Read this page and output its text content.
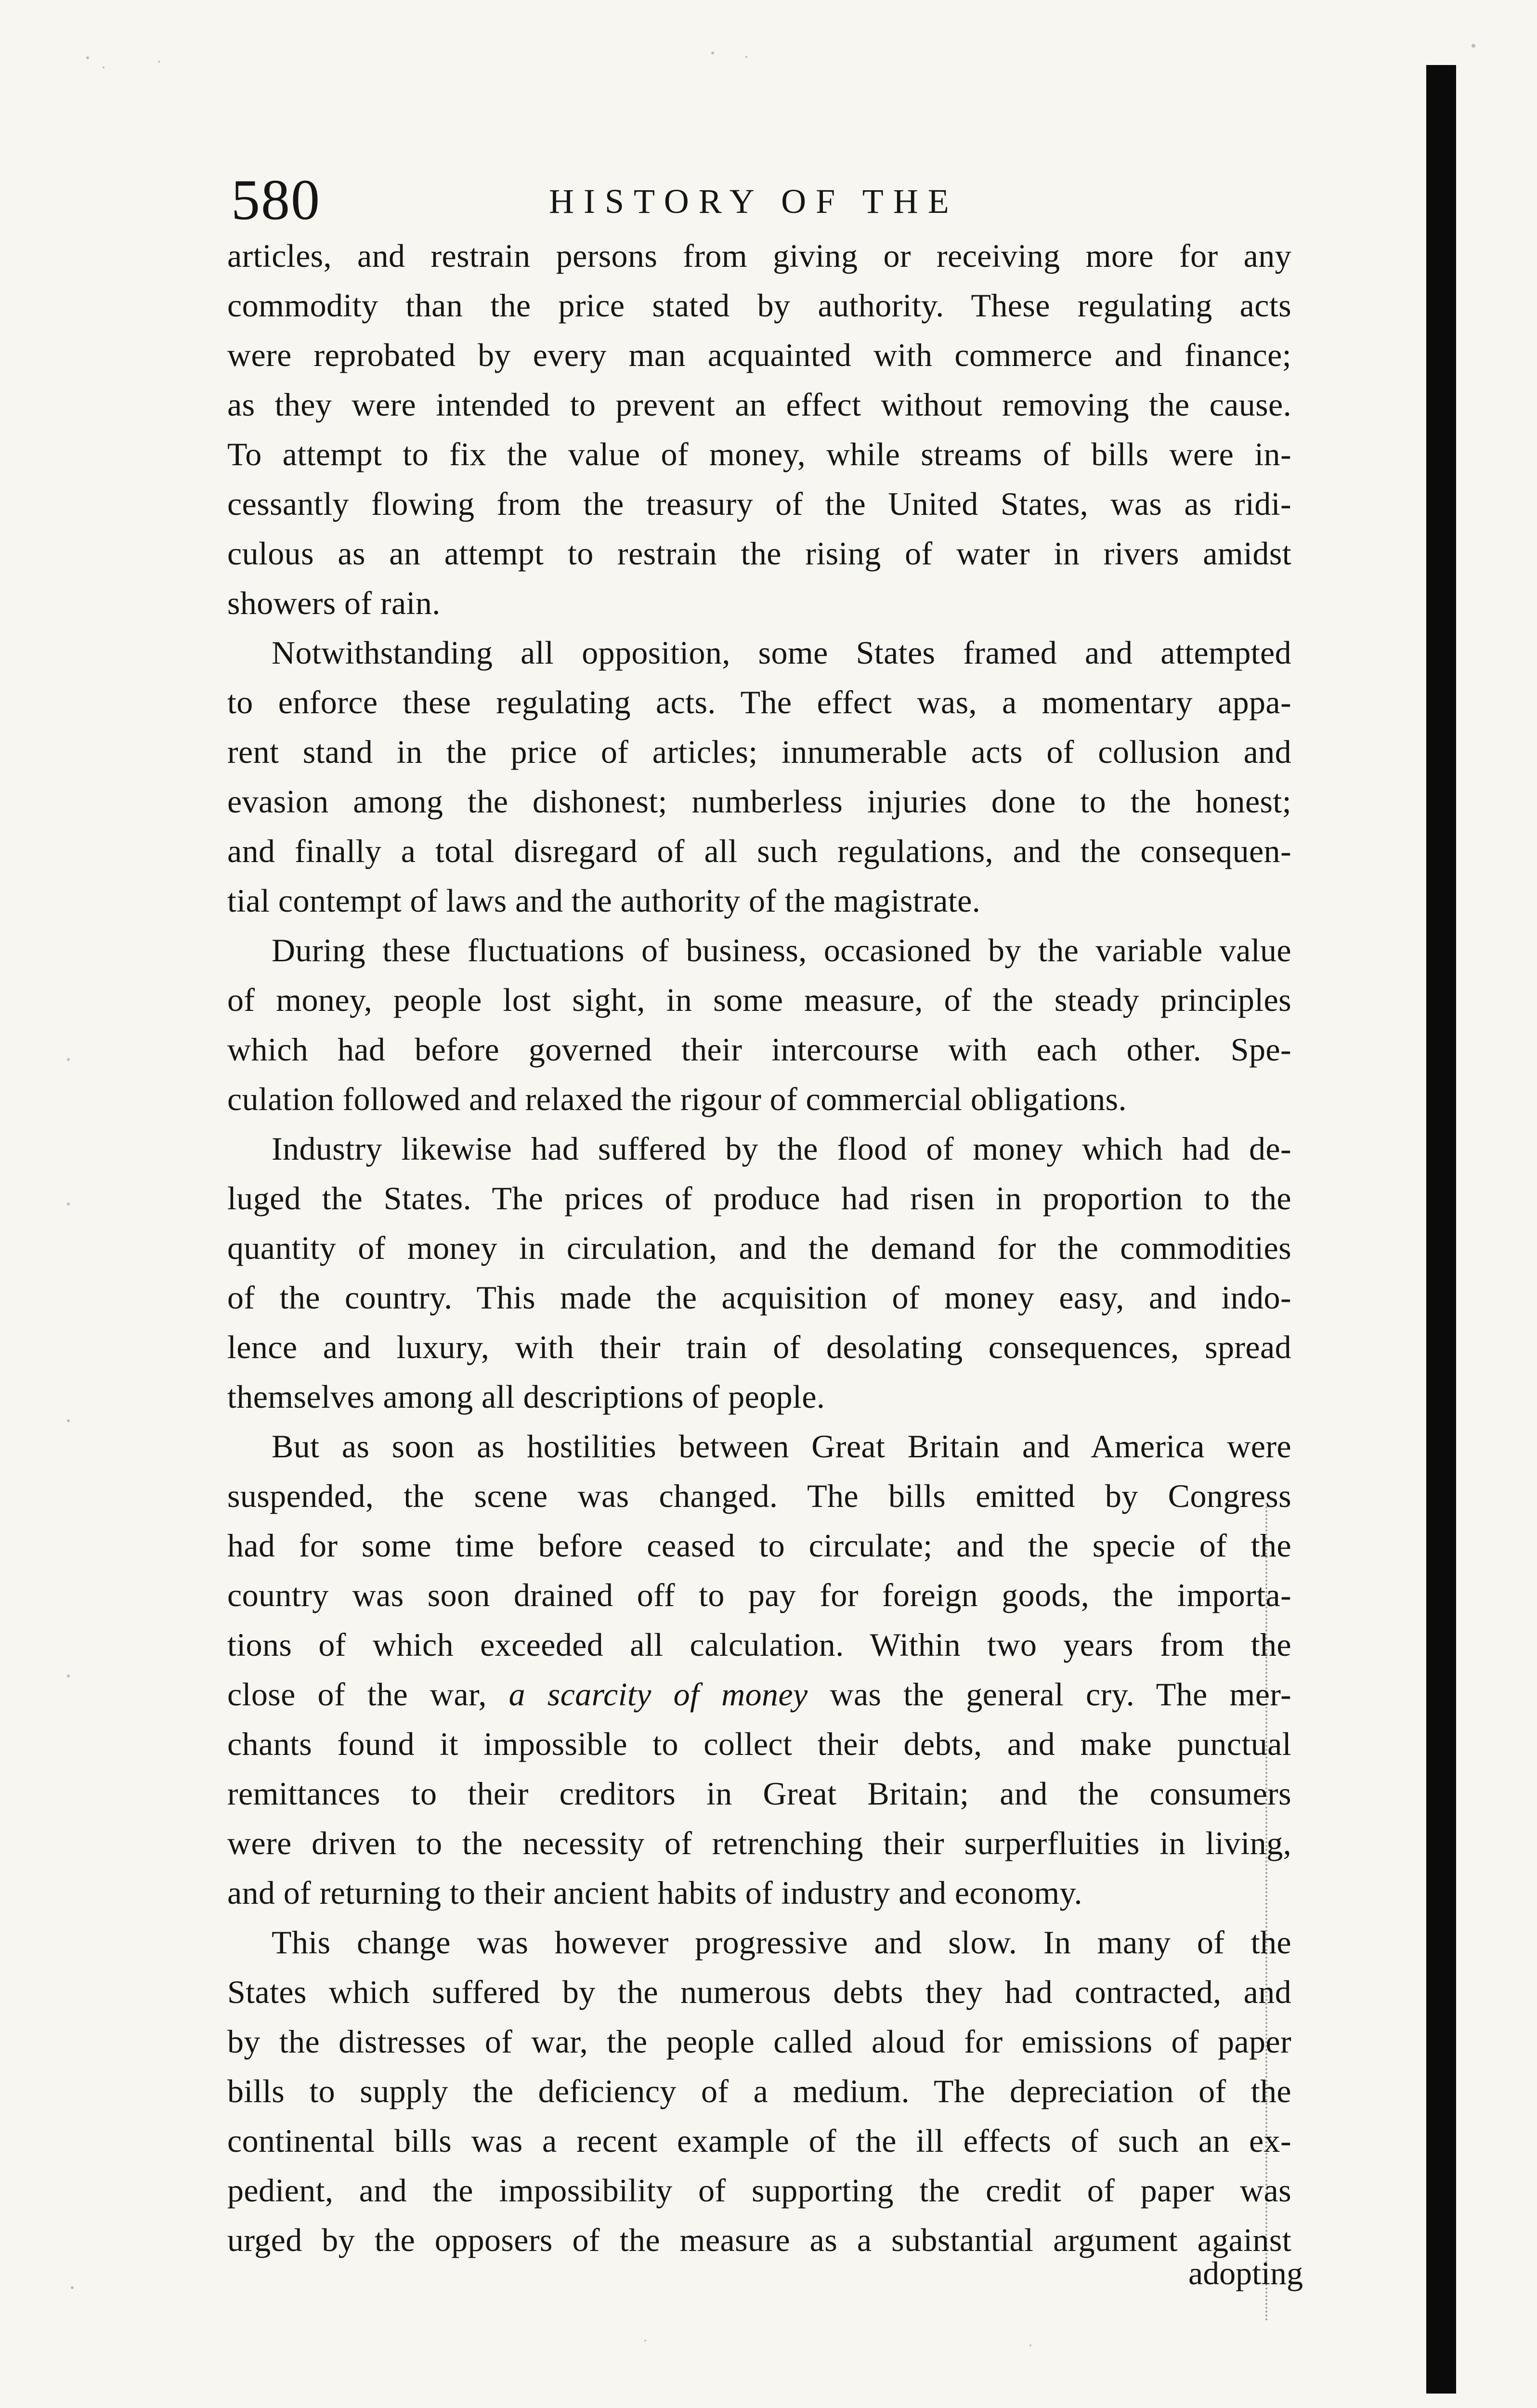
580	HISTORY OF THE
articles, and restrain persons from giving or receiving more for any
commodity than the price stated by authority. These regulating acts
were reprobated by every man acquainted with commerce and finance;
as they were intended to prevent an effect without removing the cause.
To attempt to fix the value of money, while streams of bills were in-
cessantly flowing from the treasury of the United States, was as ridi-
culous as an attempt to restrain the rising of water in rivers amidst
showers of rain.
Notwithstanding all opposition, some States framed and attempted
to enforce these regulating acts. The effect was, a momentary appa-
rent stand in the price of articles; innumerable acts of collusion and
evasion among the dishonest; numberless injuries done to the honest;
and finally a total disregard of all such regulations, and the consequen-
tial contempt of laws and the authority of the magistrate.
During these fluctuations of business, occasioned by the variable value
of money, people lost sight, in some measure, of the steady principles
which had before governed their intercourse with each other. Spe-
culation followed and relaxed the rigour of commercial obligations.
Industry likewise had suffered by the flood of money which had de-
luged the States. The prices of produce had risen in proportion to the
quantity of money in circulation, and the demand for the commodities
of the country. This made the acquisition of money easy, and indo-
lence and luxury, with their train of desolating consequences, spread
themselves among all descriptions of people.
But as soon as hostilities between Great Britain and America were
suspended, the scene was changed. The bills emitted by Congress
had for some time before ceased to circulate; and the specie of the
country was soon drained off to pay for foreign goods, the importa-
tions of which exceeded all calculation. Within two years from the
close of the war, a scarcity of money was the general cry. The mer-
chants found it impossible to collect their debts, and make punctual
remittances to their creditors in Great Britain; and the consumers
were driven to the necessity of retrenching their surperfluities in living,
and of returning to their ancient habits of industry and economy.
This change was however progressive and slow. In many of the
States which suffered by the numerous debts they had contracted, and
by the distresses of war, the people called aloud for emissions of paper
bills to supply the deficiency of a medium. The depreciation of the
continental bills was a recent example of the ill effects of such an ex-
pedient, and the impossibility of supporting the credit of paper was
urged by the opposers of the measure as a substantial argument against
adopting
